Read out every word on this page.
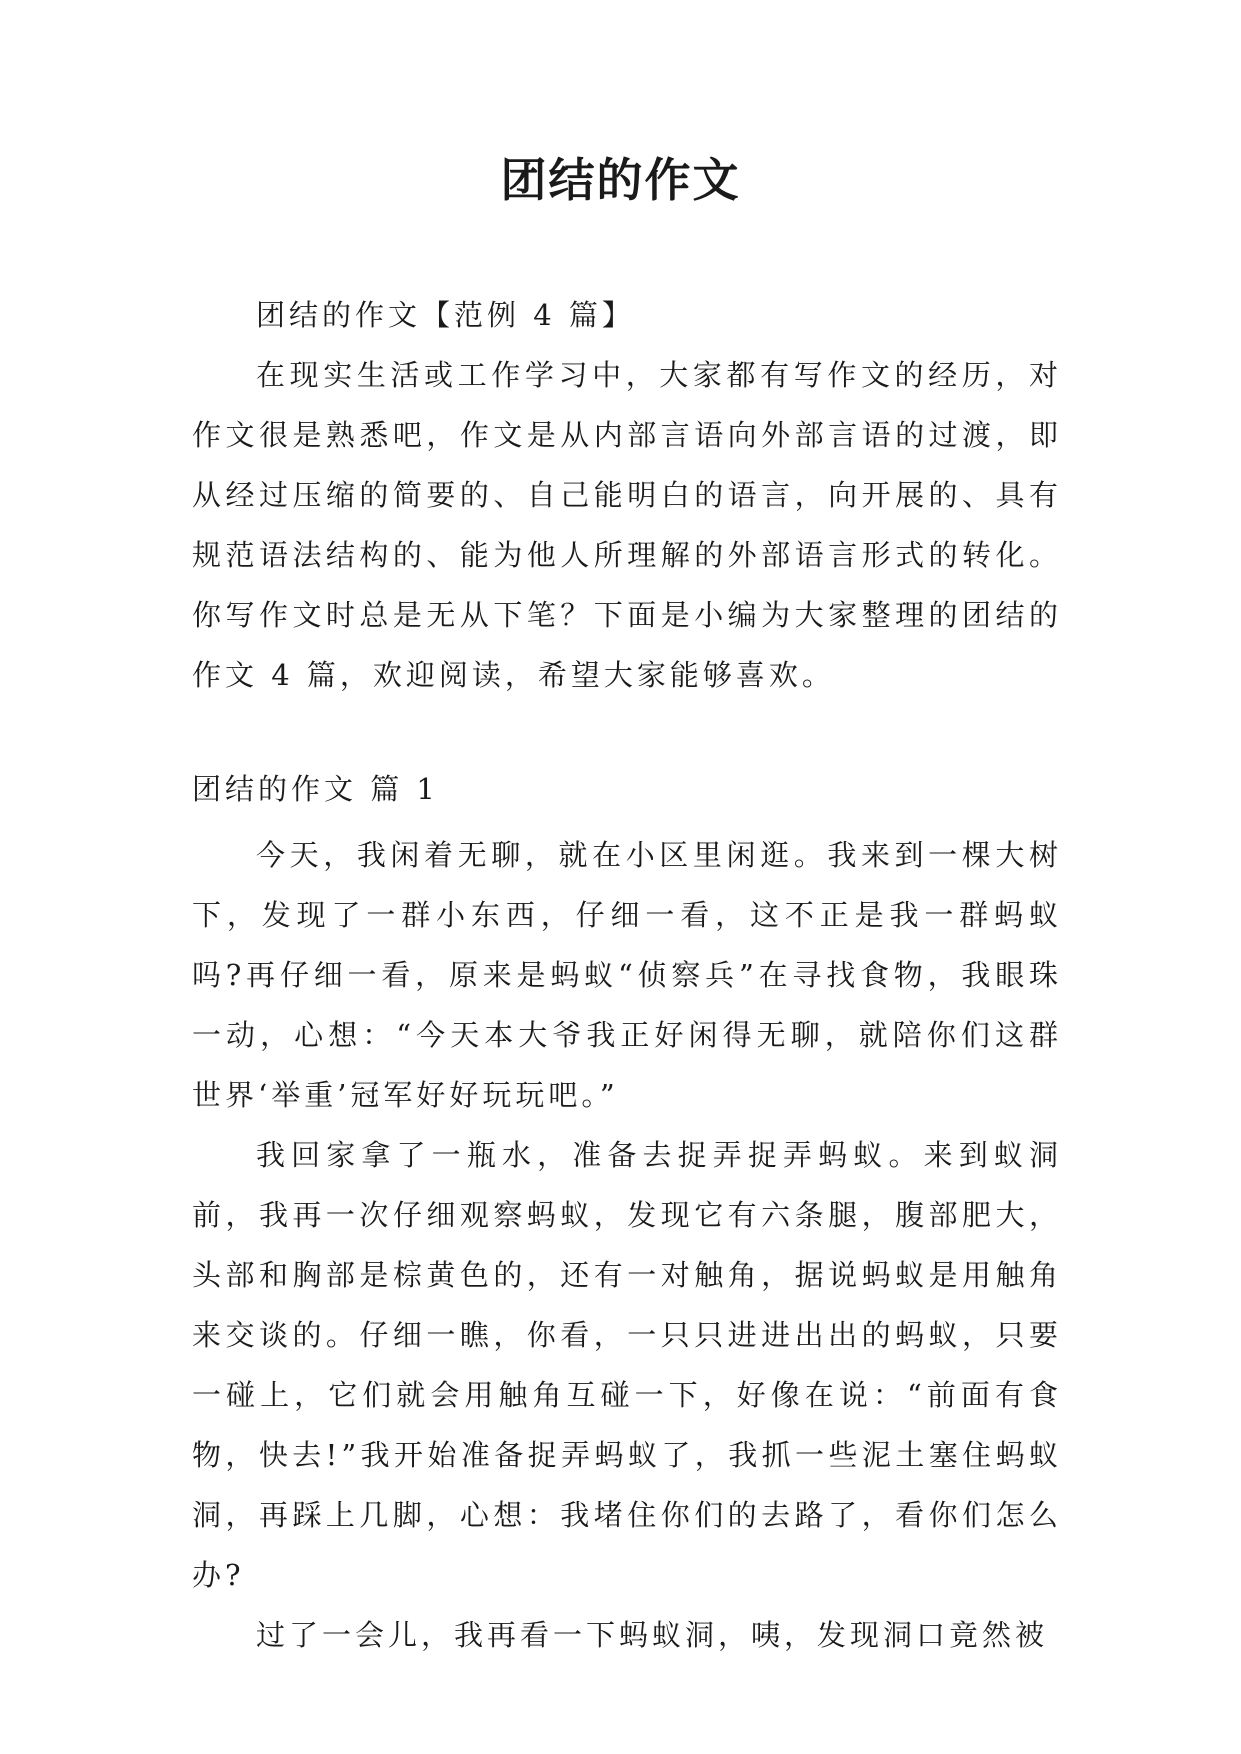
团结的作文

团结的作文【范例 4 篇】

在现实生活或工作学习中，大家都有写作文的经历，对作文很是熟悉吧，作文是从内部言语向外部言语的过渡，即从经过压缩的简要的、自己能明白的语言，向开展的、具有规范语法结构的、能为他人所理解的外部语言形式的转化。你写作文时总是无从下笔？下面是小编为大家整理的团结的作文 4 篇，欢迎阅读，希望大家能够喜欢。

团结的作文 篇 1

今天，我闲着无聊，就在小区里闲逛。我来到一棵大树下，发现了一群小东西，仔细一看，这不正是我一群蚂蚁吗?再仔细一看，原来是蚂蚁“侦察兵”在寻找食物，我眼珠一动，心想：“今天本大爷我正好闲得无聊，就陪你们这群世界‘举重’冠军好好玩玩吧。”

我回家拿了一瓶水，准备去捉弄捉弄蚂蚁。来到蚁洞前，我再一次仔细观察蚂蚁，发现它有六条腿，腹部肥大，头部和胸部是棕黄色的，还有一对触角，据说蚂蚁是用触角来交谈的。仔细一瞧，你看，一只只进进出出的蚂蚁，只要一碰上，它们就会用触角互碰一下，好像在说：“前面有食物，快去!”我开始准备捉弄蚂蚁了，我抓一些泥土塞住蚂蚁洞，再踩上几脚，心想：我堵住你们的去路了，看你们怎么办?

过了一会儿，我再看一下蚂蚁洞，咦，发现洞口竟然被
